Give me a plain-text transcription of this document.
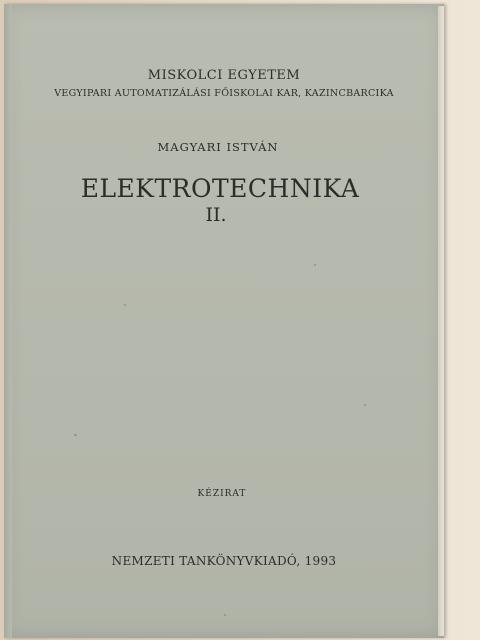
MISKOLCI EGYETEM
VEGYIPARI AUTOMATIZÁLÁSI FŐISKOLAI KAR, KAZINCBARCIKA
MAGYARI ISTVÁN
ELEKTROTECHNIKA
II.
KÉZIRAT
NEMZETI TANKÖNYVKIADÓ, 1993
